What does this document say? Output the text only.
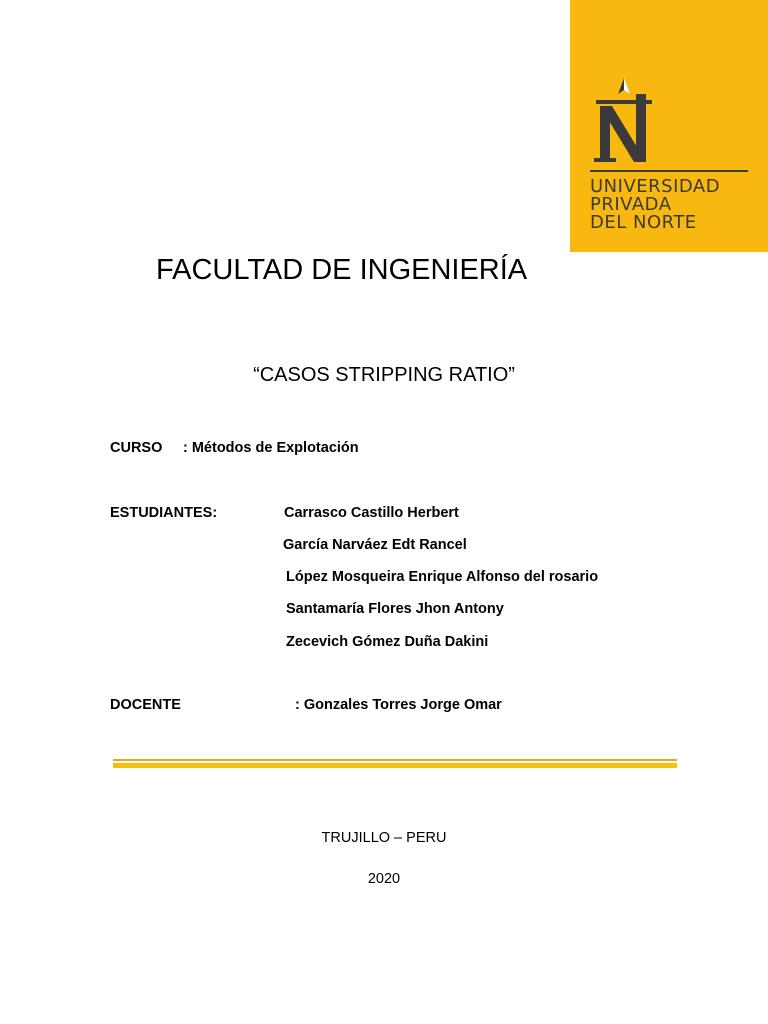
UNIVERSIDAD
PRIVADA
DEL NORTE
FACULTAD DE INGENIERÍA
“CASOS STRIPPING RATIO”
CURSO : Métodos de Explotación
ESTUDIANTES:	Carrasco Castillo Herbert
García Narváez Edt Rancel
López Mosqueira Enrique Alfonso del rosario
Santamaría Flores Jhon Antony
Zecevich Gómez Duña Dakini
DOCENTE	: Gonzales Torres Jorge Omar
TRUJILLO – PERU
2020
